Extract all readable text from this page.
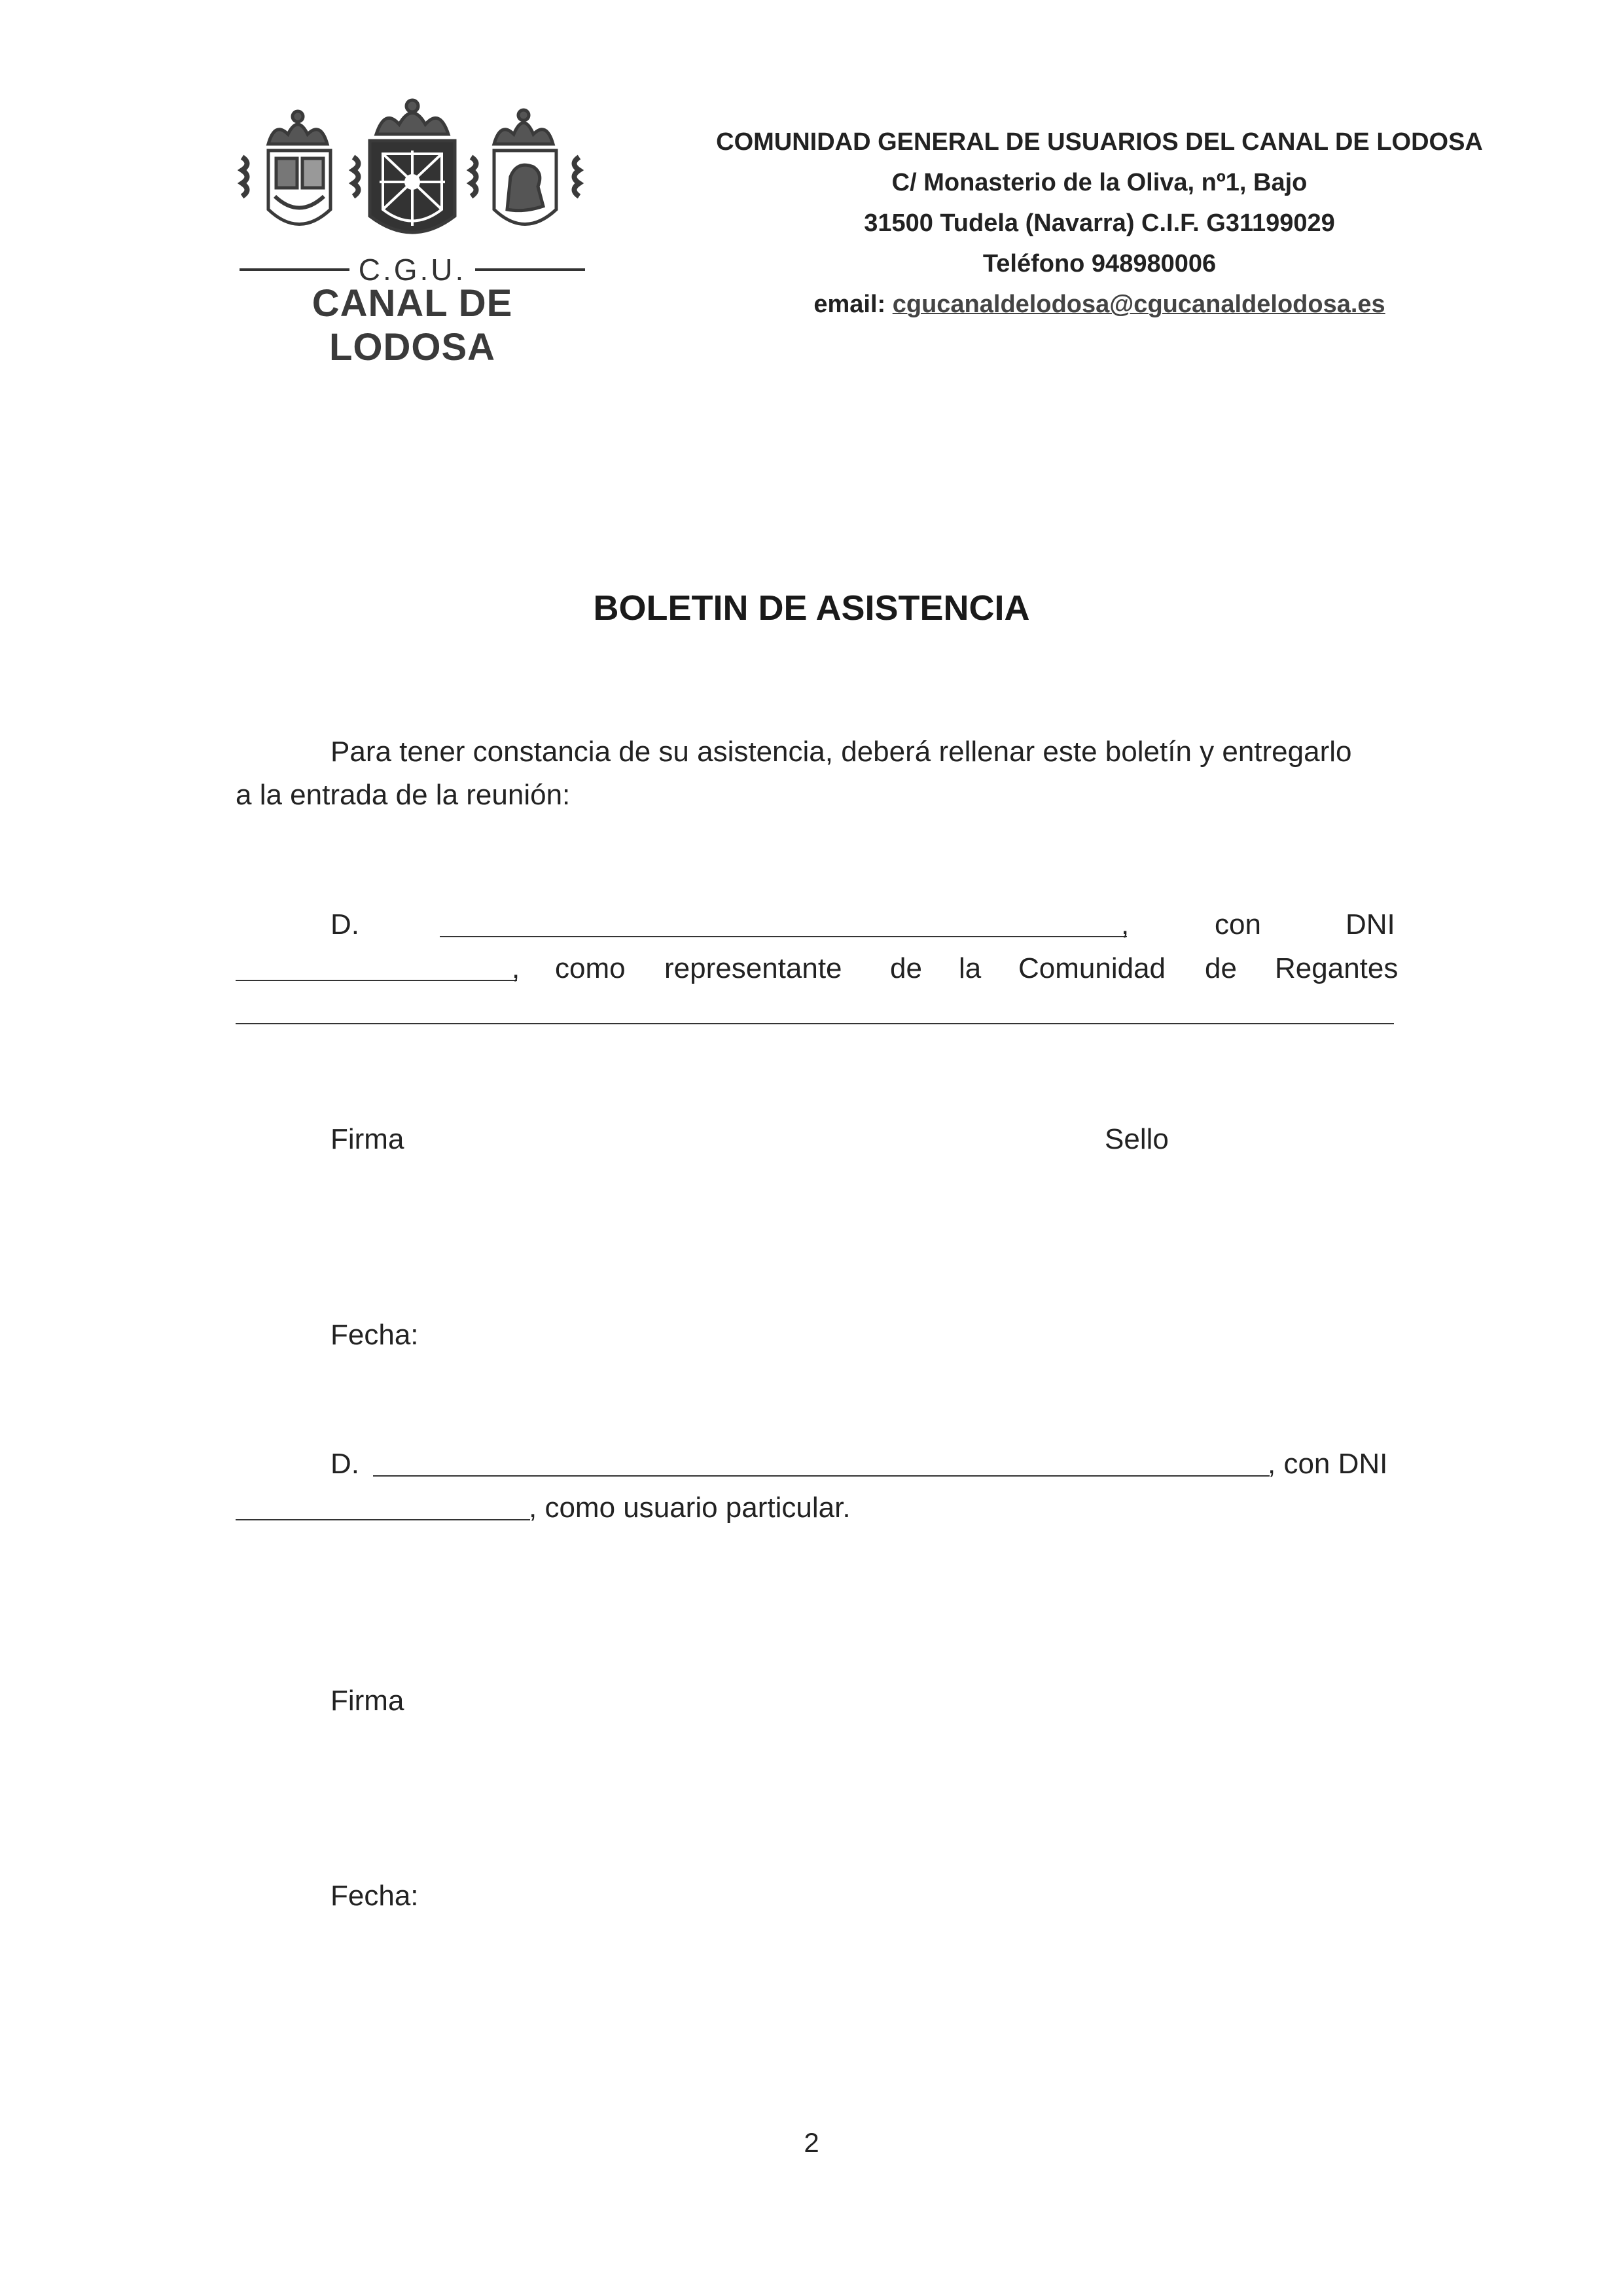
C.G.U.
CANAL DE LODOSA
COMUNIDAD GENERAL DE USUARIOS DEL CANAL DE LODOSA
C/ Monasterio de la Oliva, nº1, Bajo
31500 Tudela (Navarra) C.I.F. G31199029
Teléfono 948980006
email: cgucanaldelodosa@cgucanaldelodosa.es
BOLETIN DE ASISTENCIA
Para tener constancia de su asistencia, deberá rellenar este boletín y entregarlo
a la entrada de la reunión:
D.	,	con	DNI
, como representante de la Comunidad de Regantes
Firma	Sello
Fecha:
D.	, con DNI
, como usuario particular.
Firma
Fecha:
2
